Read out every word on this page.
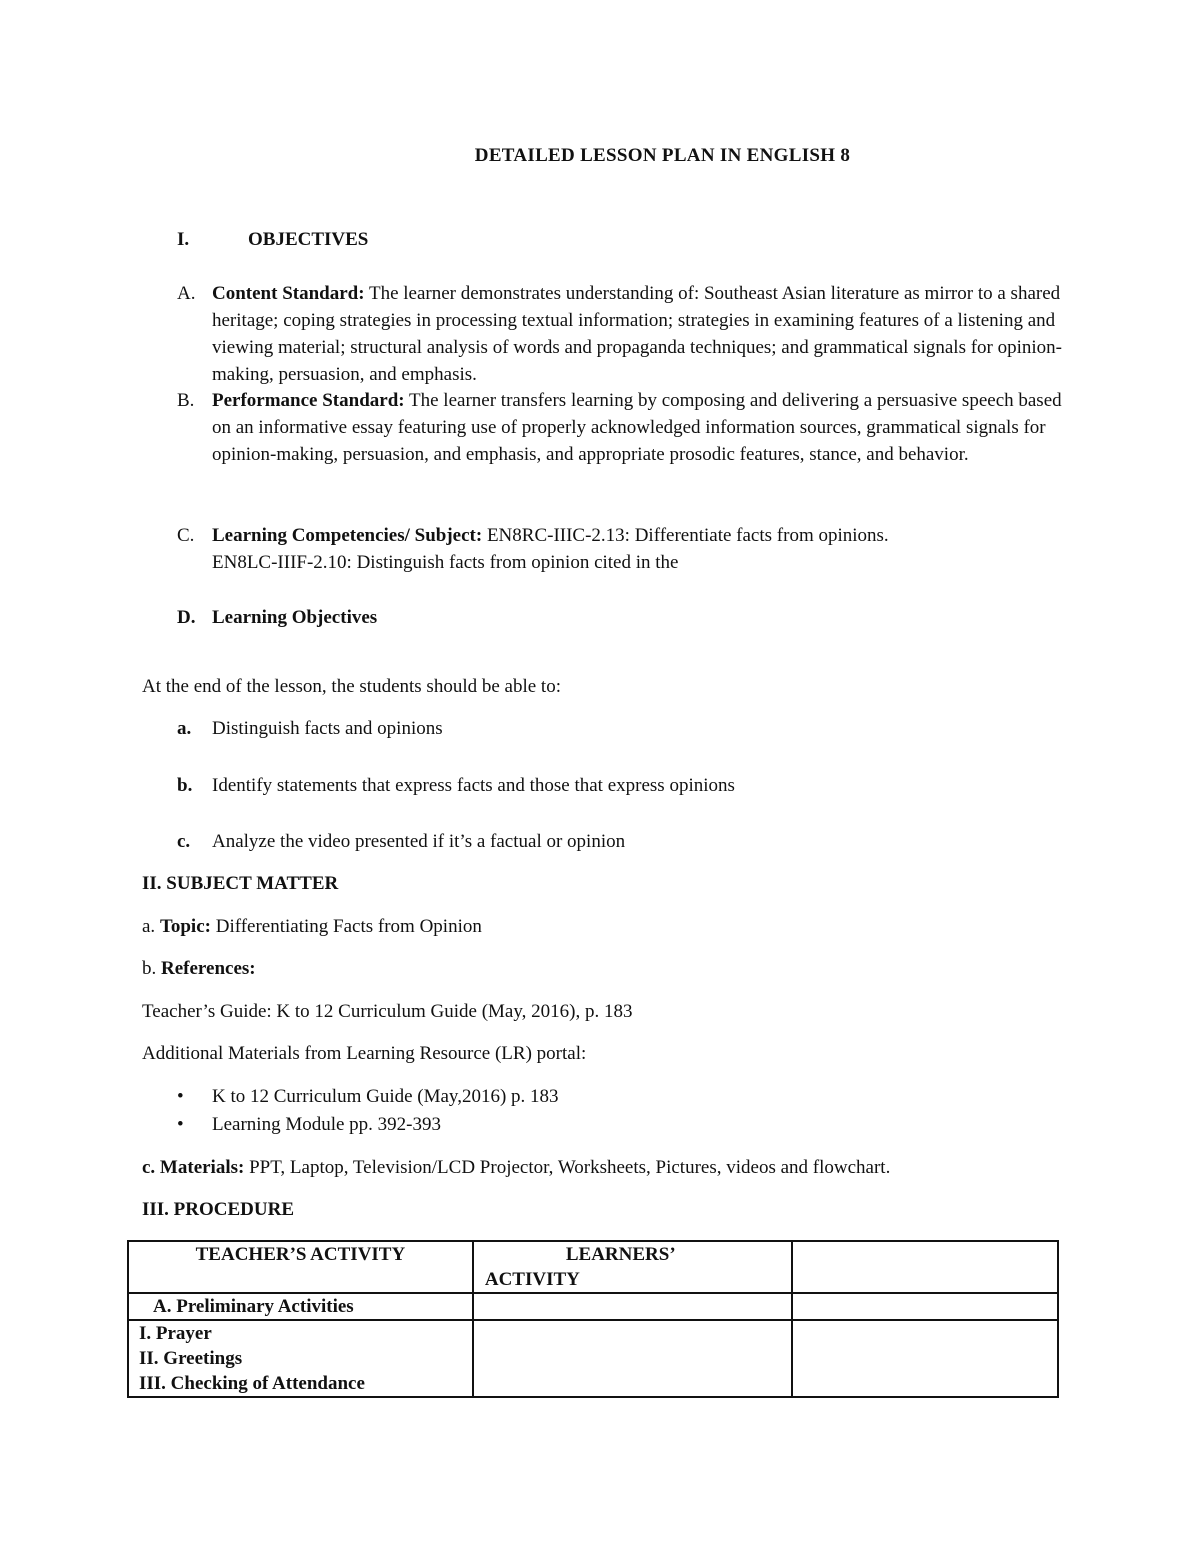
DETAILED LESSON PLAN IN ENGLISH 8
I.	OBJECTIVES
A. Content Standard: The learner demonstrates understanding of: Southeast Asian literature as mirror to a shared heritage; coping strategies in processing textual information; strategies in examining features of a listening and viewing material; structural analysis of words and propaganda techniques; and grammatical signals for opinion- making, persuasion, and emphasis.
B. Performance Standard: The learner transfers learning by composing and delivering a persuasive speech based on an informative essay featuring use of properly acknowledged information sources, grammatical signals for opinion-making, persuasion, and emphasis, and appropriate prosodic features, stance, and behavior.
C. Learning Competencies/ Subject: EN8RC-IIIC-2.13: Differentiate facts from opinions.
EN8LC-IIIF-2.10: Distinguish facts from opinion cited in the
D. Learning Objectives
At the end of the lesson, the students should be able to:
a. Distinguish facts and opinions
b. Identify statements that express facts and those that express opinions
c. Analyze the video presented if it’s a factual or opinion
II. SUBJECT MATTER
a. Topic: Differentiating Facts from Opinion
b. References:
Teacher’s Guide: K to 12 Curriculum Guide (May, 2016), p. 183
Additional Materials from Learning Resource (LR) portal:
• K to 12 Curriculum Guide (May,2016) p. 183
• Learning Module pp. 392-393
c. Materials: PPT, Laptop, Television/LCD Projector, Worksheets, Pictures, videos and flowchart.
III. PROCEDURE
TEACHER’S ACTIVITY	LEARNERS’
ACTIVITY	

A. Preliminary Activities		

I. Prayer
II. Greetings
III. Checking of Attendance		
